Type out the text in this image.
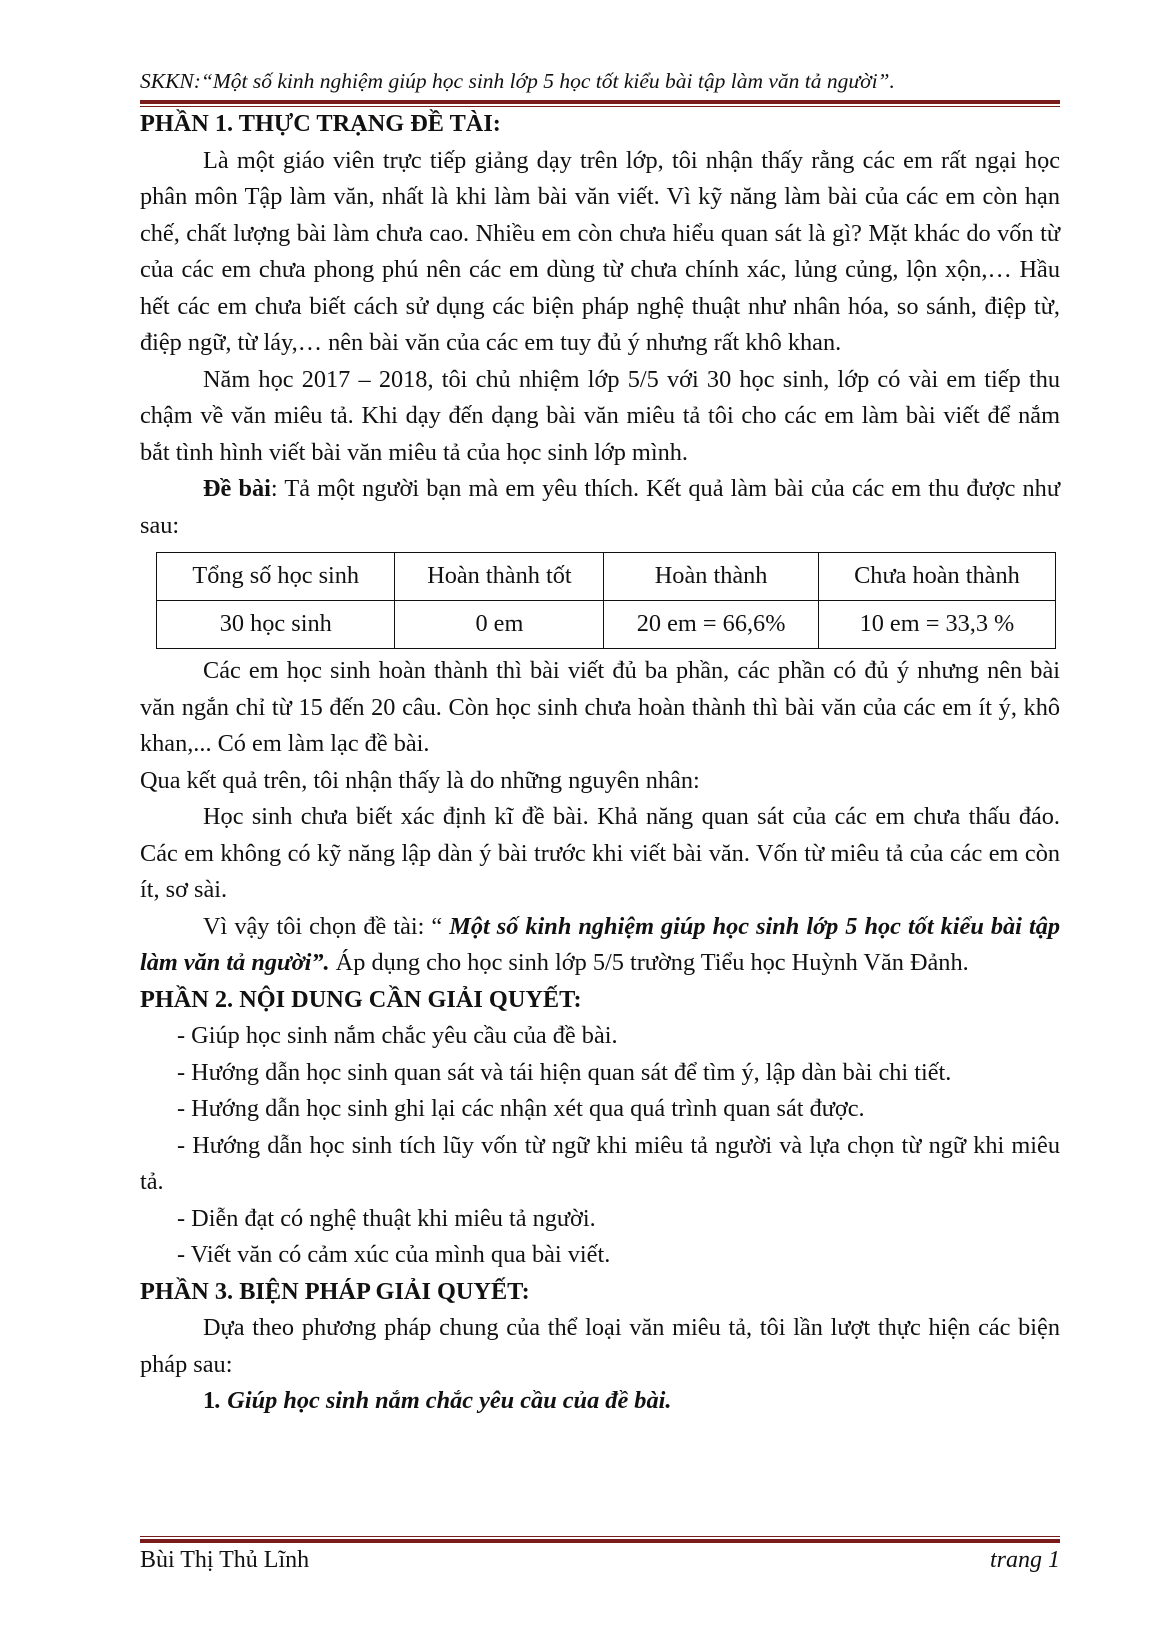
SKKN:“Một số kinh nghiệm giúp học sinh lớp 5 học tốt kiểu bài tập làm văn tả người”.

PHẦN 1. THỰC TRẠNG ĐỀ TÀI:

Là một giáo viên trực tiếp giảng dạy trên lớp, tôi nhận thấy rằng các em rất ngại học phân môn Tập làm văn, nhất là khi làm bài văn viết. Vì kỹ năng làm bài của các em còn hạn chế, chất lượng bài làm chưa cao. Nhiều em còn chưa hiểu quan sát là gì? Mặt khác do vốn từ của các em chưa phong phú nên các em dùng từ chưa chính xác, lủng củng, lộn xộn,… Hầu hết các em chưa biết cách sử dụng các biện pháp nghệ thuật như nhân hóa, so sánh, điệp từ, điệp ngữ, từ láy,… nên bài văn của các em tuy đủ ý nhưng rất khô khan.

Năm học 2017 – 2018, tôi chủ nhiệm lớp 5/5 với 30 học sinh, lớp có vài em tiếp thu chậm về văn miêu tả. Khi dạy đến dạng bài văn miêu tả tôi cho các em làm bài viết để nắm bắt tình hình viết bài văn miêu tả của học sinh lớp mình.

Đề bài: Tả một người bạn mà em yêu thích. Kết quả làm bài của các em thu được như sau:

Tổng số học sinh	Hoàn thành tốt	Hoàn thành	Chưa hoàn thành
30 học sinh	0 em	20 em = 66,6%	10 em = 33,3 %

Các em học sinh hoàn thành thì bài viết đủ ba phần, các phần có đủ ý nhưng nên bài văn ngắn chỉ từ 15 đến 20 câu. Còn học sinh chưa hoàn thành thì bài văn của các em ít ý, khô khan,... Có em làm lạc đề bài.

Qua kết quả trên, tôi nhận thấy là do những nguyên nhân:

Học sinh chưa biết xác định kĩ đề bài. Khả năng quan sát của các em chưa thấu đáo. Các em không có kỹ năng lập dàn ý bài trước khi viết bài văn. Vốn từ miêu tả của các em còn ít, sơ sài.

Vì vậy tôi chọn đề tài: “ Một số kinh nghiệm giúp học sinh lớp 5 học tốt kiểu bài tập làm văn tả người”. Áp dụng cho học sinh lớp 5/5 trường Tiểu học Huỳnh Văn Đảnh.

PHẦN 2. NỘI DUNG CẦN GIẢI QUYẾT:

- Giúp học sinh nắm chắc yêu cầu của đề bài.

- Hướng dẫn học sinh quan sát và tái hiện quan sát để tìm ý, lập dàn bài chi tiết.

- Hướng dẫn học sinh ghi lại các nhận xét qua quá trình quan sát được.

- Hướng dẫn học sinh tích lũy vốn từ ngữ khi miêu tả người và lựa chọn từ ngữ khi miêu tả.

- Diễn đạt có nghệ thuật khi miêu tả người.

- Viết văn có cảm xúc của mình qua bài viết.

PHẦN 3. BIỆN PHÁP GIẢI QUYẾT:

Dựa theo phương pháp chung của thể loại văn miêu tả, tôi lần lượt thực hiện các biện pháp sau:

1. Giúp học sinh nắm chắc yêu cầu của đề bài.

Bùi Thị Thủ Lĩnh	trang 1
